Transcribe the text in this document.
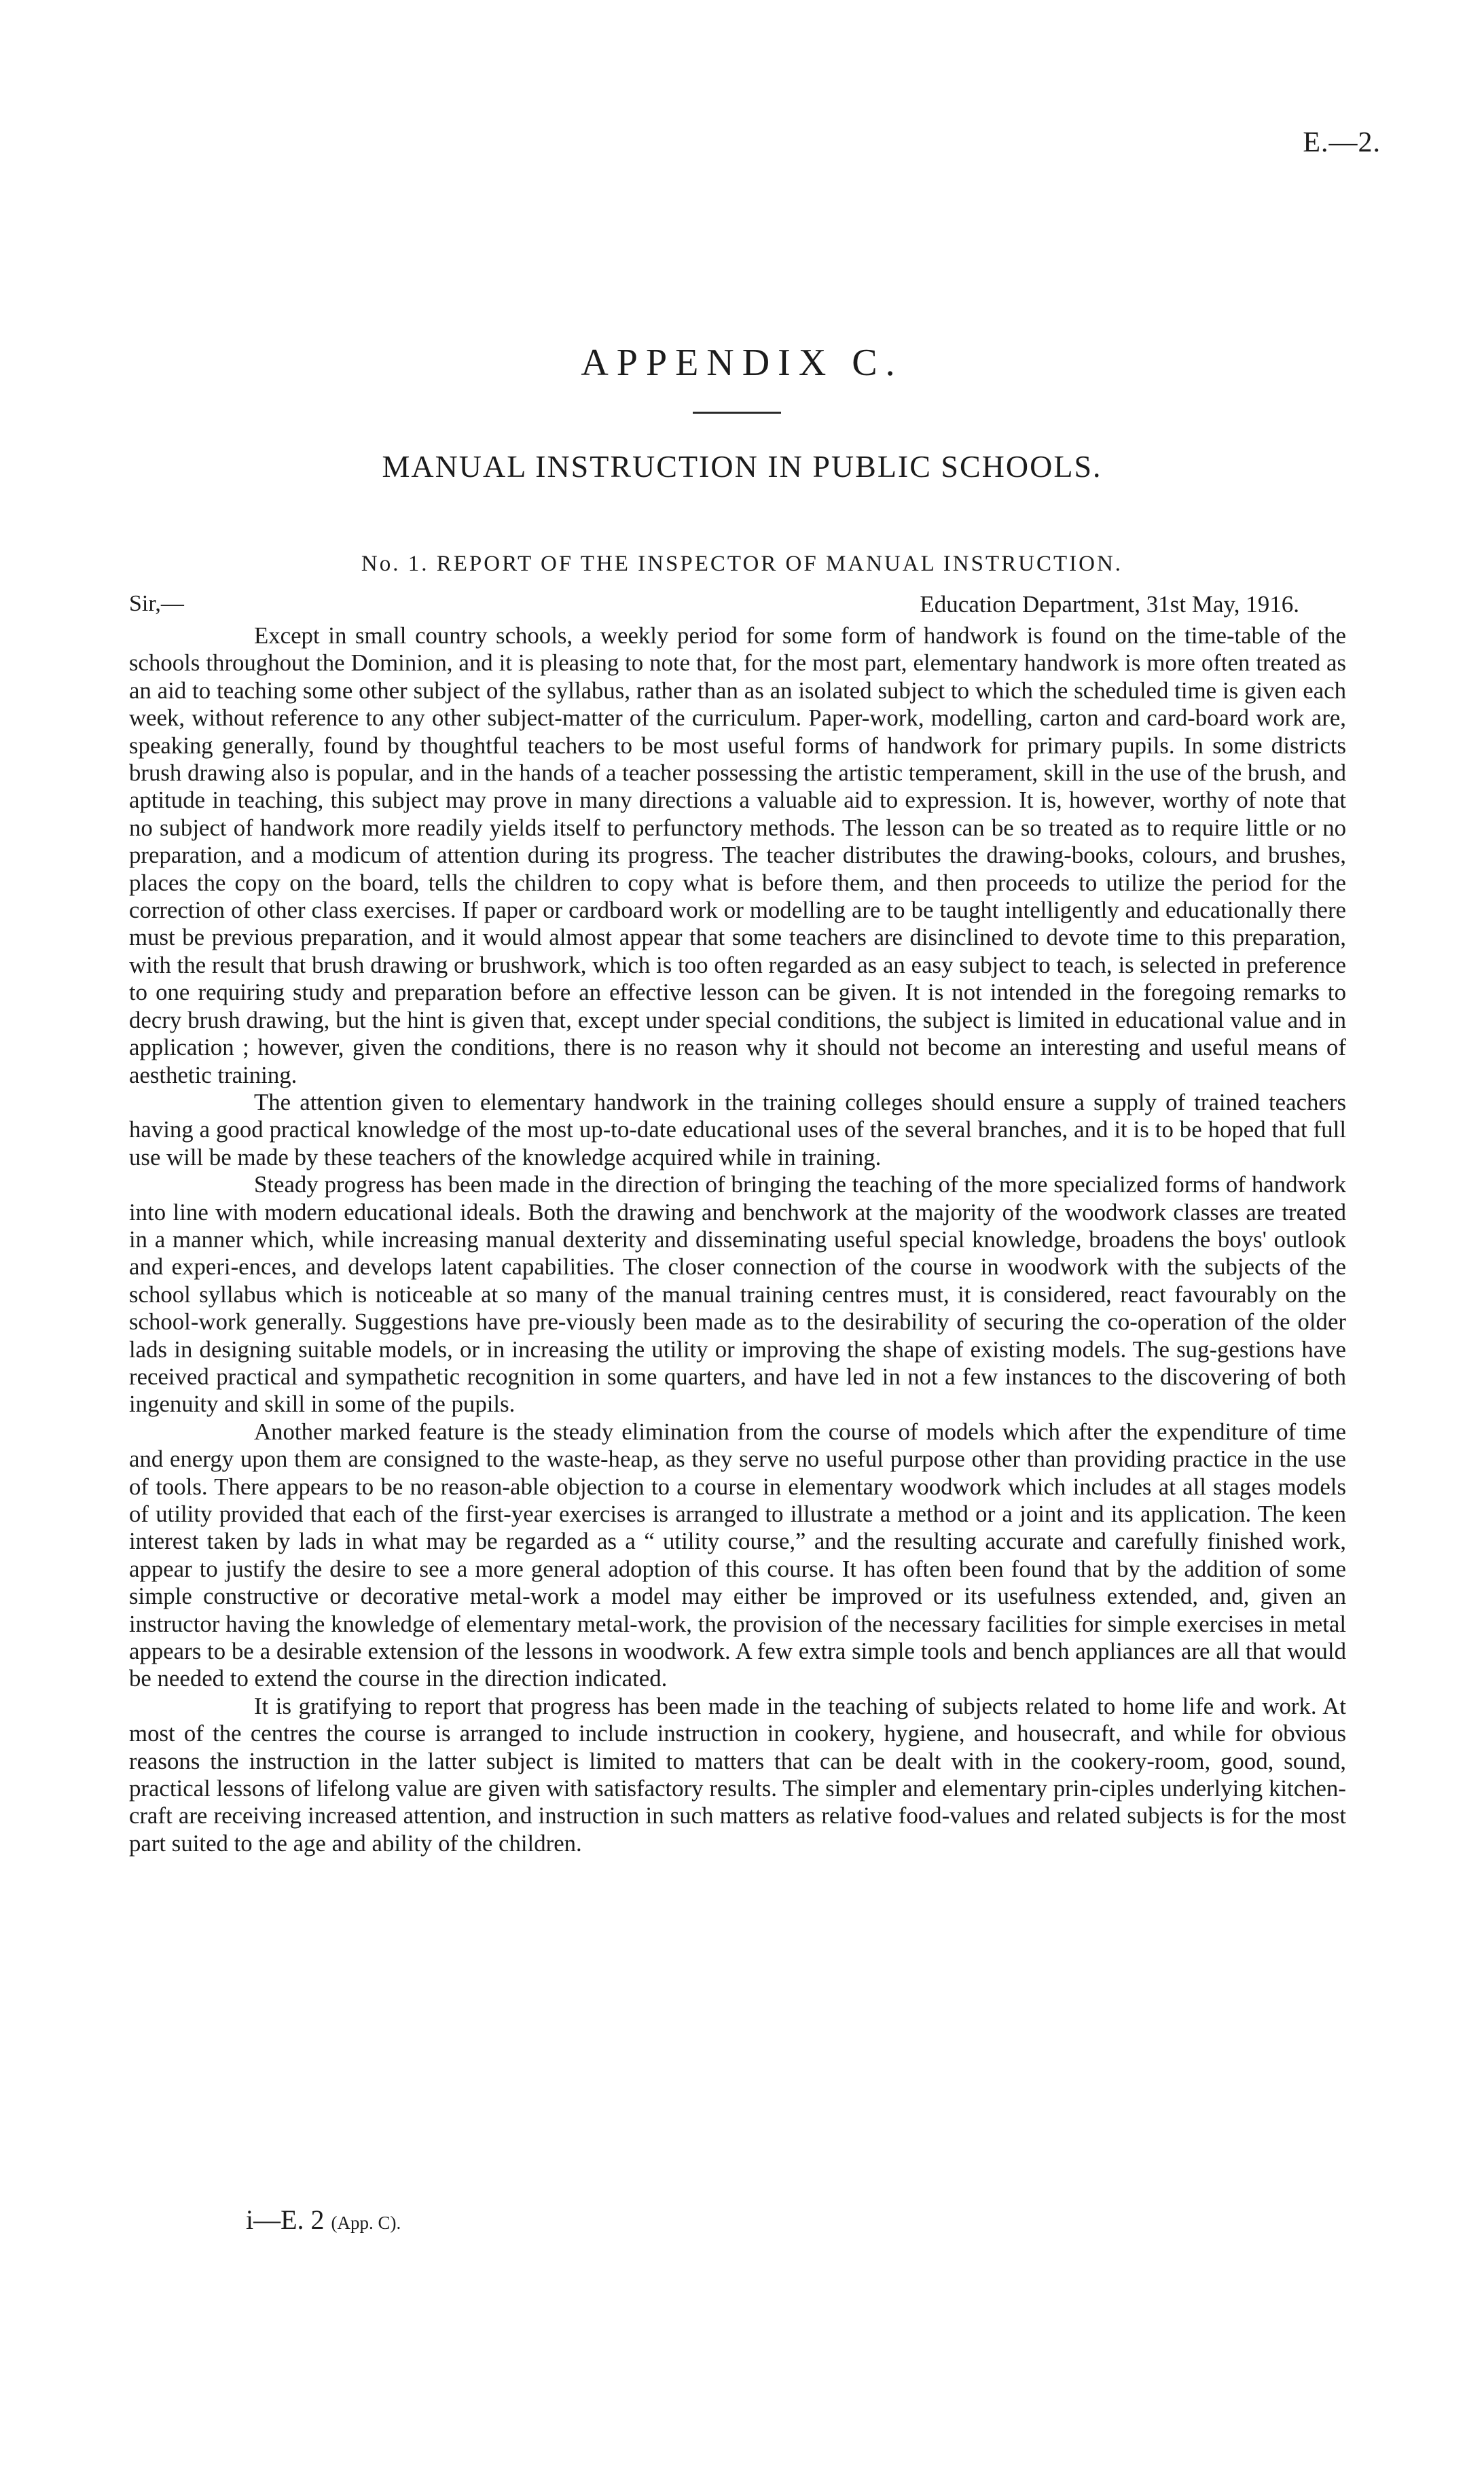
E.—2.
APPENDIX C.
MANUAL INSTRUCTION IN PUBLIC SCHOOLS.
No. 1. REPORT OF THE INSPECTOR OF MANUAL INSTRUCTION.
Sir,—	Education Department, 31st May, 1916.

Except in small country schools, a weekly period for some form of handwork is found on the time-table of the schools throughout the Dominion, and it is pleasing to note that, for the most part, elementary handwork is more often treated as an aid to teaching some other subject of the syllabus, rather than as an isolated subject to which the scheduled time is given each week, without reference to any other subject-matter of the curriculum. Paper-work, modelling, carton and card-board work are, speaking generally, found by thoughtful teachers to be most useful forms of handwork for primary pupils. In some districts brush drawing also is popular, and in the hands of a teacher possessing the artistic temperament, skill in the use of the brush, and aptitude in teaching, this subject may prove in many directions a valuable aid to expression. It is, however, worthy of note that no subject of handwork more readily yields itself to perfunctory methods. The lesson can be so treated as to require little or no preparation, and a modicum of attention during its progress. The teacher distributes the drawing-books, colours, and brushes, places the copy on the board, tells the children to copy what is before them, and then proceeds to utilize the period for the correction of other class exercises. If paper or cardboard work or modelling are to be taught intelligently and educationally there must be previous preparation, and it would almost appear that some teachers are disinclined to devote time to this preparation, with the result that brush drawing or brushwork, which is too often regarded as an easy subject to teach, is selected in preference to one requiring study and preparation before an effective lesson can be given. It is not intended in the foregoing remarks to decry brush drawing, but the hint is given that, except under special conditions, the subject is limited in educational value and in application ; however, given the conditions, there is no reason why it should not become an interesting and useful means of aesthetic training.

The attention given to elementary handwork in the training colleges should ensure a supply of trained teachers having a good practical knowledge of the most up-to-date educational uses of the several branches, and it is to be hoped that full use will be made by these teachers of the knowledge acquired while in training.

Steady progress has been made in the direction of bringing the teaching of the more specialized forms of handwork into line with modern educational ideals. Both the drawing and benchwork at the majority of the woodwork classes are treated in a manner which, while increasing manual dexterity and disseminating useful special knowledge, broadens the boys' outlook and experi-ences, and develops latent capabilities. The closer connection of the course in woodwork with the subjects of the school syllabus which is noticeable at so many of the manual training centres must, it is considered, react favourably on the school-work generally. Suggestions have pre-viously been made as to the desirability of securing the co-operation of the older lads in designing suitable models, or in increasing the utility or improving the shape of existing models. The sug-gestions have received practical and sympathetic recognition in some quarters, and have led in not a few instances to the discovering of both ingenuity and skill in some of the pupils.

Another marked feature is the steady elimination from the course of models which after the expenditure of time and energy upon them are consigned to the waste-heap, as they serve no useful purpose other than providing practice in the use of tools. There appears to be no reason-able objection to a course in elementary woodwork which includes at all stages models of utility provided that each of the first-year exercises is arranged to illustrate a method or a joint and its application. The keen interest taken by lads in what may be regarded as a “ utility course,” and the resulting accurate and carefully finished work, appear to justify the desire to see a more general adoption of this course. It has often been found that by the addition of some simple constructive or decorative metal-work a model may either be improved or its usefulness extended, and, given an instructor having the knowledge of elementary metal-work, the provision of the necessary facilities for simple exercises in metal appears to be a desirable extension of the lessons in woodwork. A few extra simple tools and bench appliances are all that would be needed to extend the course in the direction indicated.

It is gratifying to report that progress has been made in the teaching of subjects related to home life and work. At most of the centres the course is arranged to include instruction in cookery, hygiene, and housecraft, and while for obvious reasons the instruction in the latter subject is limited to matters that can be dealt with in the cookery-room, good, sound, practical lessons of lifelong value are given with satisfactory results. The simpler and elementary prin-ciples underlying kitchen-craft are receiving increased attention, and instruction in such matters as relative food-values and related subjects is for the most part suited to the age and ability of the children.

i—E. 2 (App. C).
